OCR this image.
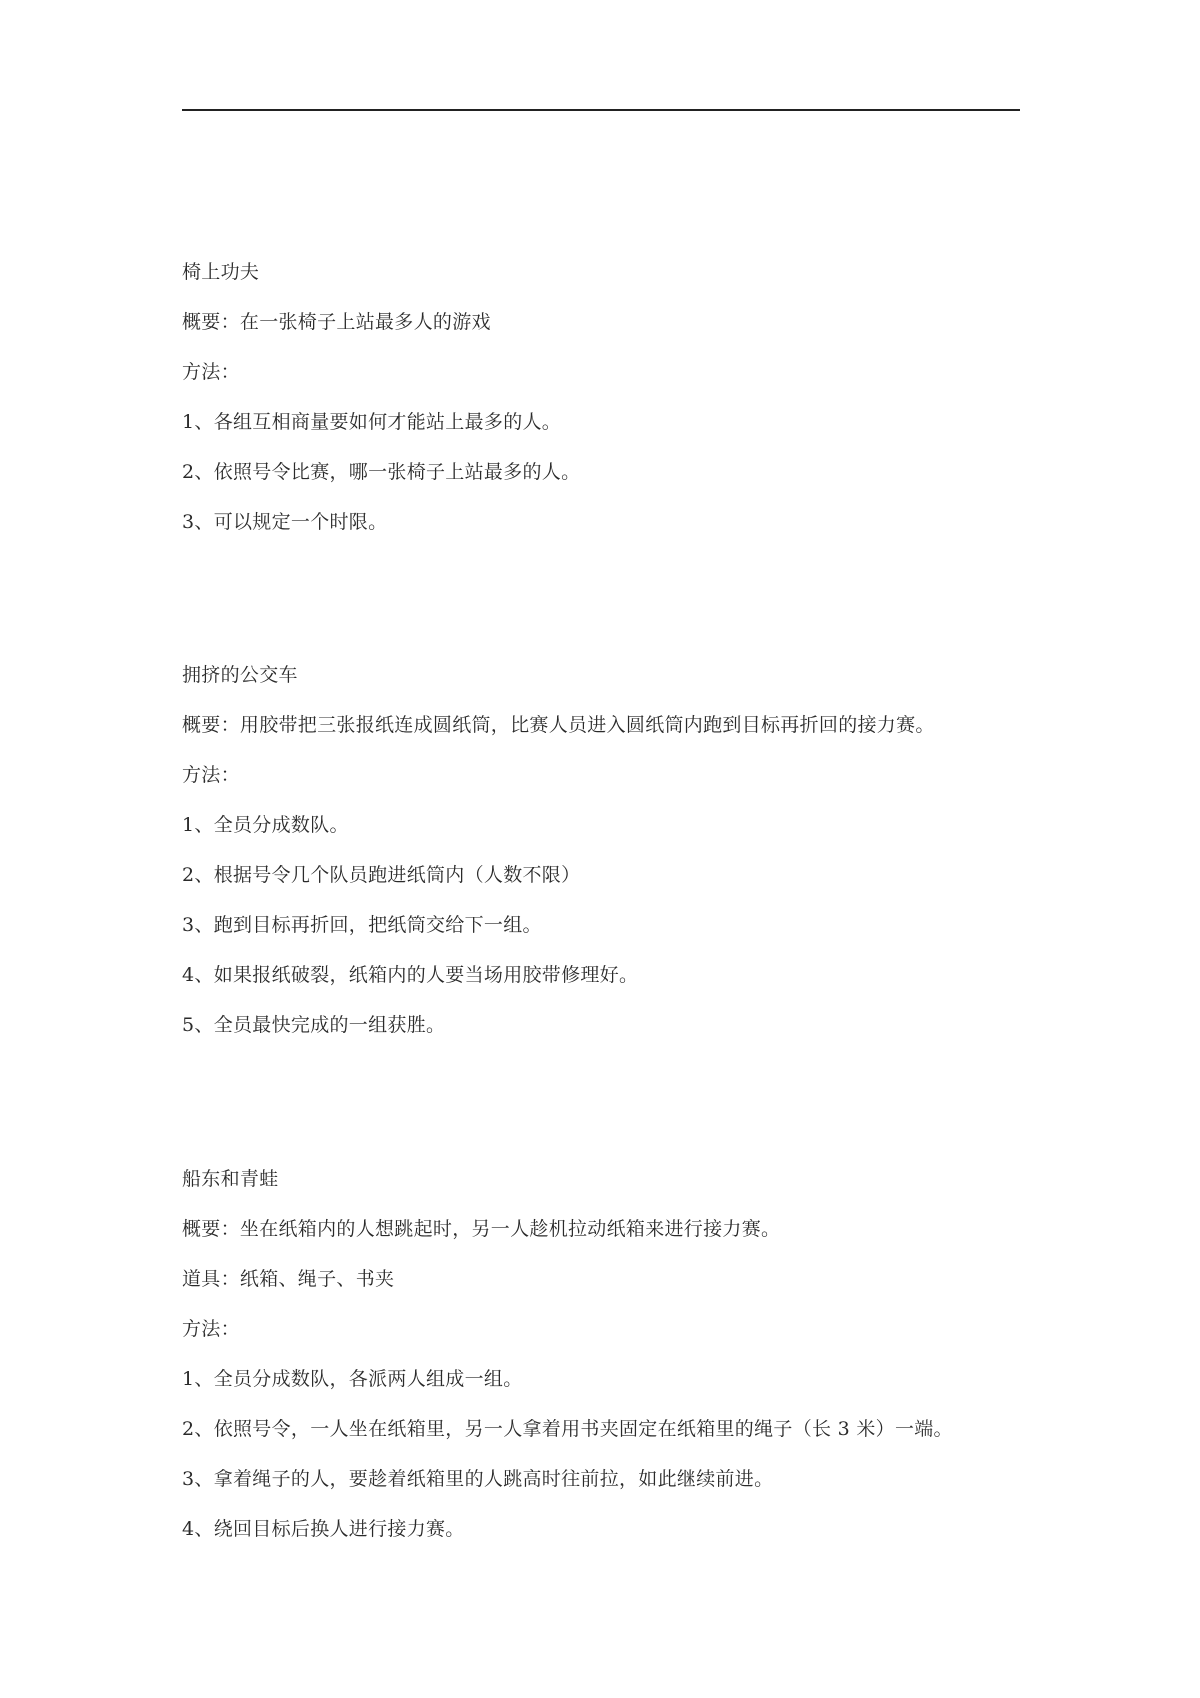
椅上功夫
概要：在一张椅子上站最多人的游戏
方法：
1、各组互相商量要如何才能站上最多的人。
2、依照号令比赛，哪一张椅子上站最多的人。
3、可以规定一个时限。
拥挤的公交车
概要：用胶带把三张报纸连成圆纸筒，比赛人员进入圆纸筒内跑到目标再折回的接力赛。
方法：
1、全员分成数队。
2、根据号令几个队员跑进纸筒内（人数不限）
3、跑到目标再折回，把纸筒交给下一组。
4、如果报纸破裂，纸箱内的人要当场用胶带修理好。
5、全员最快完成的一组获胜。
船东和青蛙
概要：坐在纸箱内的人想跳起时，另一人趁机拉动纸箱来进行接力赛。
道具：纸箱、绳子、书夹
方法：
1、全员分成数队，各派两人组成一组。
2、依照号令，一人坐在纸箱里，另一人拿着用书夹固定在纸箱里的绳子（长 3 米）一端。
3、拿着绳子的人，要趁着纸箱里的人跳高时往前拉，如此继续前进。
4、绕回目标后换人进行接力赛。
